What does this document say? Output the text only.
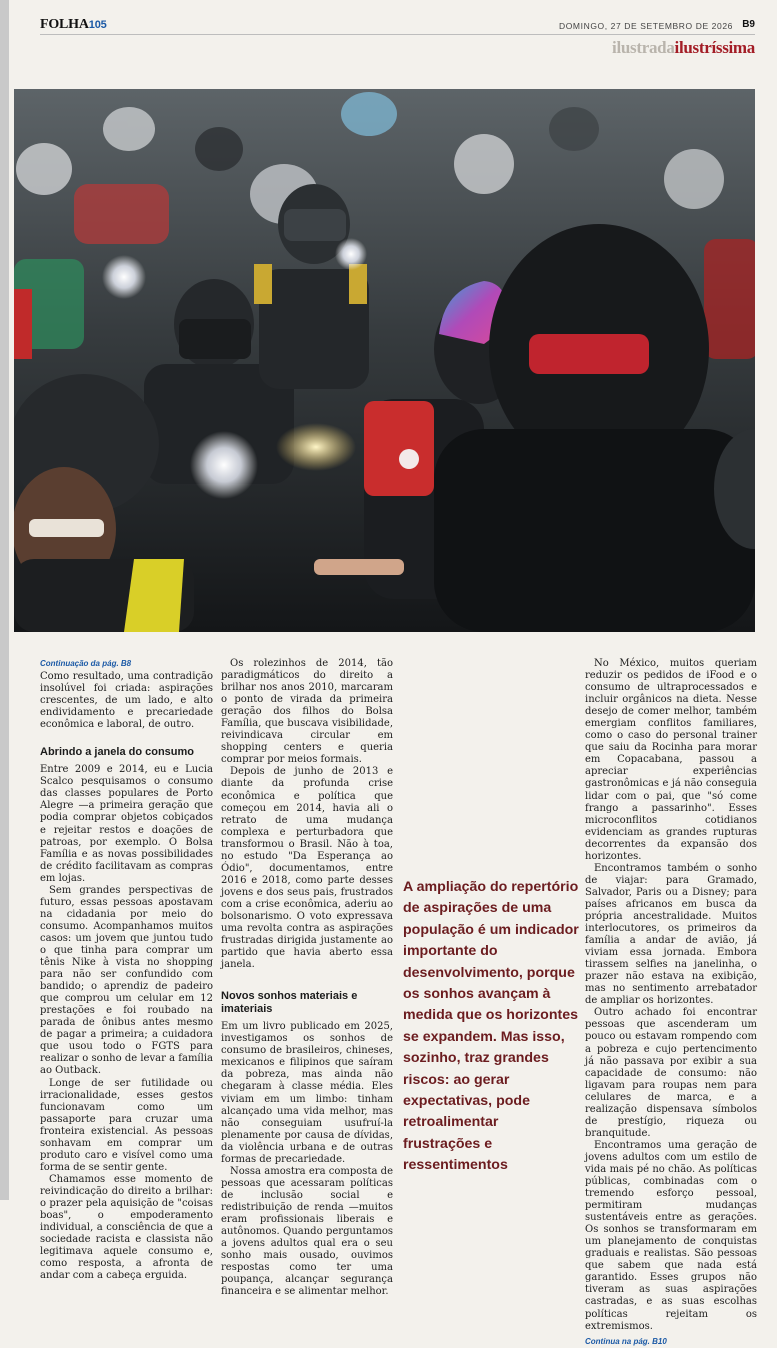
FOLHA105	DOMINGO, 27 DE SETEMBRO DE 2026 B9
ilustradailustríssima
Continuação da pág. B8

Como resultado, uma contradição insolúvel foi criada: aspirações crescentes, de um lado, e alto endividamento e precariedade econômica e laboral, de outro.

Abrindo a janela do consumo

Entre 2009 e 2014, eu e Lucia Scalco pesquisamos o consumo das classes populares de Porto Alegre —a primeira geração que podia comprar objetos cobiçados e rejeitar restos e doações de patroas, por exemplo. O Bolsa Família e as novas possibilidades de crédito facilitavam as compras em lojas.

Sem grandes perspectivas de futuro, essas pessoas apostavam na cidadania por meio do consumo. Acompanhamos muitos casos: um jovem que juntou tudo o que tinha para comprar um tênis Nike à vista no shopping para não ser confundido com bandido; o aprendiz de padeiro que comprou um celular em 12 prestações e foi roubado na parada de ônibus antes mesmo de pagar a primeira; a cuidadora que usou todo o FGTS para realizar o sonho de levar a família ao Outback.

Longe de ser futilidade ou irracionalidade, esses gestos funcionavam como um passaporte para cruzar uma fronteira existencial. As pessoas sonhavam em comprar um produto caro e visível como uma forma de se sentir gente.

Chamamos esse momento de reivindicação do direito a brilhar: o prazer pela aquisição de "coisas boas", o empoderamento individual, a consciência de que a sociedade racista e classista não legitimava aquele consumo e, como resposta, a afronta de andar com a cabeça erguida.

Os rolezinhos de 2014, tão paradigmáticos do direito a brilhar nos anos 2010, marcaram o ponto de virada da primeira geração dos filhos do Bolsa Família, que buscava visibilidade, reivindicava circular em shopping centers e queria comprar por meios formais.

Depois de junho de 2013 e diante da profunda crise econômica e política que começou em 2014, havia ali o retrato de uma mudança complexa e perturbadora que transformou o Brasil. Não à toa, no estudo "Da Esperança ao Ódio", documentamos, entre 2016 e 2018, como parte desses jovens e dos seus pais, frustrados com a crise econômica, aderiu ao bolsonarismo. O voto expressava uma revolta contra as aspirações frustradas dirigida justamente ao partido que havia aberto essa janela.

Novos sonhos materiais e imateriais

Em um livro publicado em 2025, investigamos os sonhos de consumo de brasileiros, chineses, mexicanos e filipinos que saíram da pobreza, mas ainda não chegaram à classe média. Eles viviam em um limbo: tinham alcançado uma vida melhor, mas não conseguiam usufruí-la plenamente por causa de dívidas, da violência urbana e de outras formas de precariedade.

Nossa amostra era composta de pessoas que acessaram políticas de inclusão social e redistribuição de renda —muitos eram profissionais liberais e autônomos. Quando perguntamos a jovens adultos qual era o seu sonho mais ousado, ouvimos respostas como ter uma poupança, alcançar segurança financeira e se alimentar melhor.

A ampliação do repertório de aspirações de uma população é um indicador importante do desenvolvimento, porque os sonhos avançam à medida que os horizontes se expandem. Mas isso, sozinho, traz grandes riscos: ao gerar expectativas, pode retroalimentar frustrações e ressentimentos

No México, muitos queriam reduzir os pedidos de iFood e o consumo de ultraprocessados e incluir orgânicos na dieta. Nesse desejo de comer melhor, também emergiam conflitos familiares, como o caso do personal trainer que saiu da Rocinha para morar em Copacabana, passou a apreciar experiências gastronômicas e já não conseguia lidar com o pai, que "só come frango a passarinho". Esses microconflitos cotidianos evidenciam as grandes rupturas decorrentes da expansão dos horizontes.

Encontramos também o sonho de viajar: para Gramado, Salvador, Paris ou a Disney; para países africanos em busca da própria ancestralidade. Muitos interlocutores, os primeiros da família a andar de avião, já viviam essa jornada. Embora tirassem selfies na janelinha, o prazer não estava na exibição, mas no sentimento arrebatador de ampliar os horizontes.

Outro achado foi encontrar pessoas que ascenderam um pouco ou estavam rompendo com a pobreza e cujo pertencimento já não passava por exibir a sua capacidade de consumo: não ligavam para roupas nem para celulares de marca, e a realização dispensava símbolos de prestígio, riqueza ou branquitude.

Encontramos uma geração de jovens adultos com um estilo de vida mais pé no chão. As políticas públicas, combinadas com o tremendo esforço pessoal, permitiram mudanças sustentáveis entre as gerações. Os sonhos se transformaram em um planejamento de conquistas graduais e realistas. São pessoas que sabem que nada está garantido. Esses grupos não tiveram as suas aspirações castradas, e as suas escolhas políticas rejeitam os extremismos.

Continua na pág. B10
